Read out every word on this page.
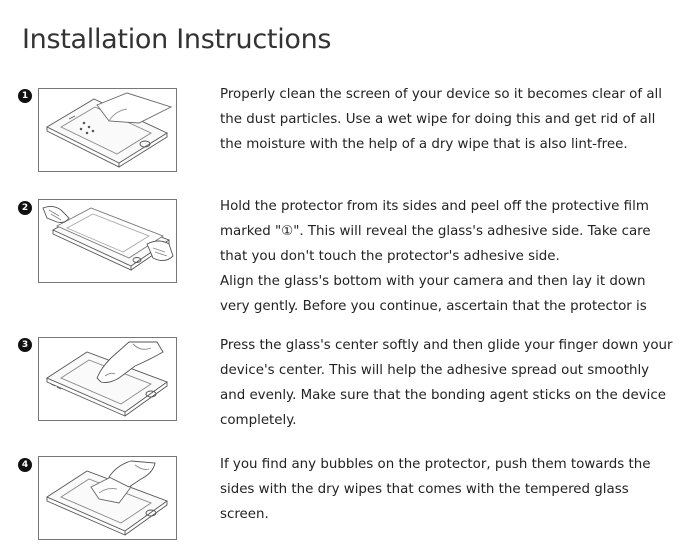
Installation Instructions
1	Properly clean the screen of your device so it becomes clear of all
the dust particles. Use a wet wipe for doing this and get rid of all
the moisture with the help of a dry wipe that is also lint-free.

2	Hold the protector from its sides and peel off the protective film
marked "①". This will reveal the glass's adhesive side. Take care
that you don't touch the protector's adhesive side.
Align the glass's bottom with your camera and then lay it down
very gently. Before you continue, ascertain that the protector is

3	Press the glass's center softly and then glide your finger down your
device's center. This will help the adhesive spread out smoothly
and evenly. Make sure that the bonding agent sticks on the device
completely.

4	If you find any bubbles on the protector, push them towards the
sides with the dry wipes that comes with the tempered glass
screen.
